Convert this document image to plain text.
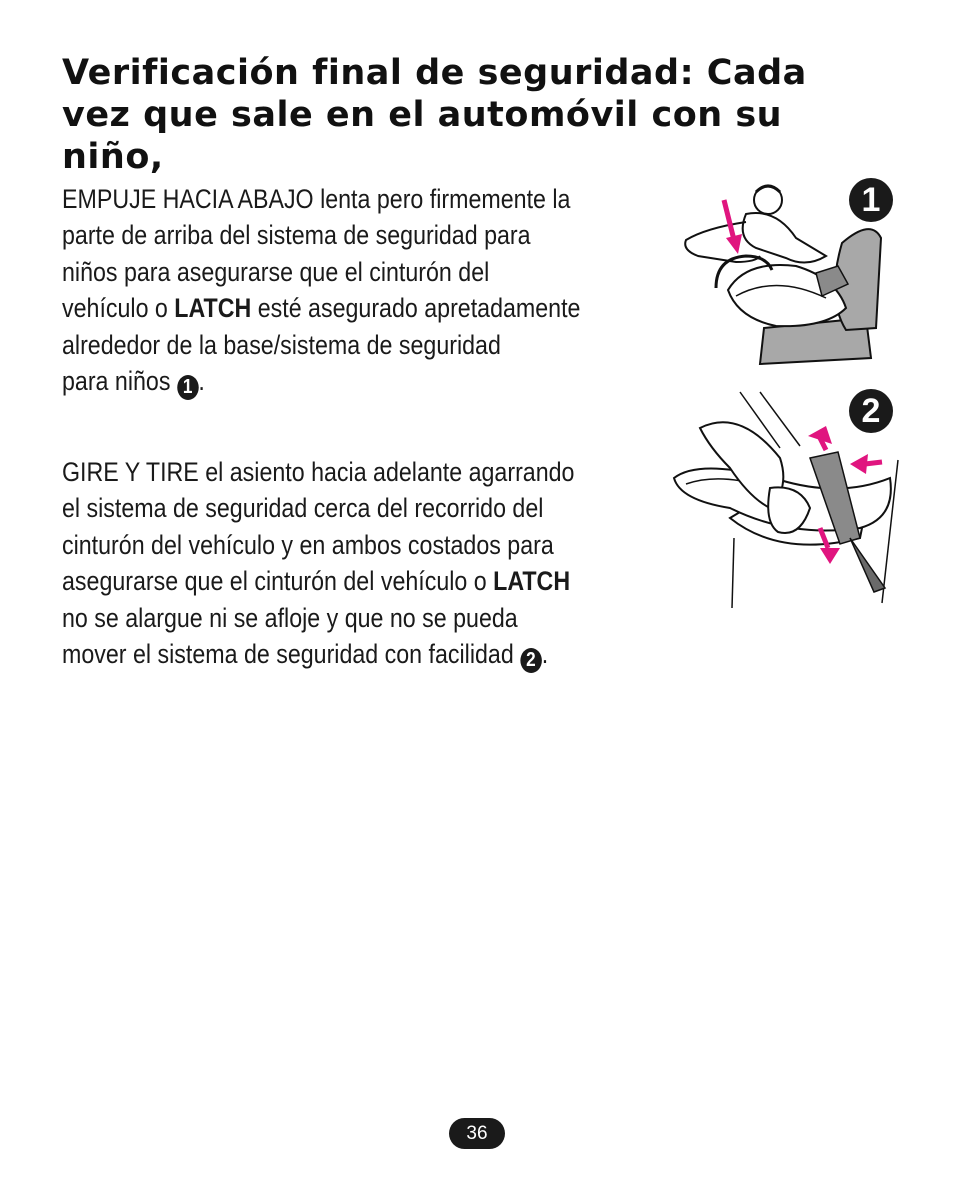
Verificación final de seguridad: Cada vez que sale en el automóvil con su niño,

EMPUJE HACIA ABAJO lenta pero firmemente la
parte de arriba del sistema de seguridad para
niños para asegurarse que el cinturón del
vehículo o LATCH esté asegurado apretadamente
alrededor de la base/sistema de seguridad
para niños 1 .

GIRE Y TIRE el asiento hacia adelante agarrando
el sistema de seguridad cerca del recorrido del
cinturón del vehículo y en ambos costados para
asegurarse que el cinturón del vehículo o LATCH
no se alargue ni se afloje y que no se pueda
mover el sistema de seguridad con facilidad 2 .

1
2
36
